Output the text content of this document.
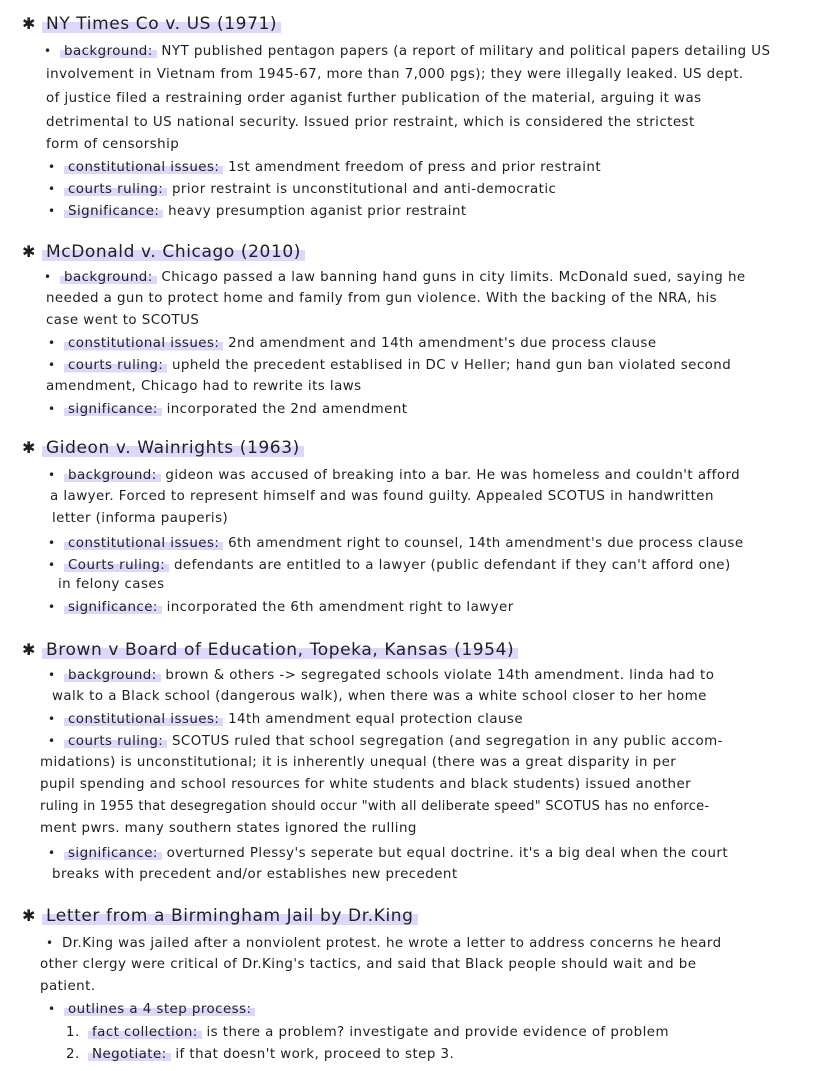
✱ NY Times Co v. US (1971)
• background: NYT published pentagon papers (a report of military and political papers detailing US
involvement in Vietnam from 1945-67, more than 7,000 pgs); they were illegally leaked. US dept.
of justice filed a restraining order aganist further publication of the material, arguing it was
detrimental to US national security. Issued prior restraint, which is considered the strictest
form of censorship
• constitutional issues: 1st amendment freedom of press and prior restraint
• courts ruling: prior restraint is unconstitutional and anti-democratic
• Significance: heavy presumption aganist prior restraint
✱ McDonald v. Chicago (2010)
• background: Chicago passed a law banning hand guns in city limits. McDonald sued, saying he
needed a gun to protect home and family from gun violence. With the backing of the NRA, his
case went to SCOTUS
• constitutional issues: 2nd amendment and 14th amendment's due process clause
• courts ruling: upheld the precedent establised in DC v Heller; hand gun ban violated second
amendment, Chicago had to rewrite its laws
• significance: incorporated the 2nd amendment
✱ Gideon v. Wainrights (1963)
• background: gideon was accused of breaking into a bar. He was homeless and couldn't afford
a lawyer. Forced to represent himself and was found guilty. Appealed SCOTUS in handwritten
letter (informa pauperis)
• constitutional issues: 6th amendment right to counsel, 14th amendment's due process clause
• Courts ruling: defendants are entitled to a lawyer (public defendant if they can't afford one)
in felony cases
• significance: incorporated the 6th amendment right to lawyer
✱ Brown v Board of Education, Topeka, Kansas (1954)
• background: brown & others -> segregated schools violate 14th amendment. linda had to
walk to a Black school (dangerous walk), when there was a white school closer to her home
• constitutional issues: 14th amendment equal protection clause
• courts ruling: SCOTUS ruled that school segregation (and segregation in any public accom-
midations) is unconstitutional; it is inherently unequal (there was a great disparity in per
pupil spending and school resources for white students and black students) issued another
ruling in 1955 that desegregation should occur "with all deliberate speed" SCOTUS has no enforce-
ment pwrs. many southern states ignored the rulling
• significance: overturned Plessy's seperate but equal doctrine. it's a big deal when the court
breaks with precedent and/or establishes new precedent
✱ Letter from a Birmingham Jail by Dr.King
• Dr.King was jailed after a nonviolent protest. he wrote a letter to address concerns he heard
other clergy were critical of Dr.King's tactics, and said that Black people should wait and be
patient.
• outlines a 4 step process:
1. fact collection: is there a problem? investigate and provide evidence of problem
2. Negotiate: if that doesn't work, proceed to step 3.
